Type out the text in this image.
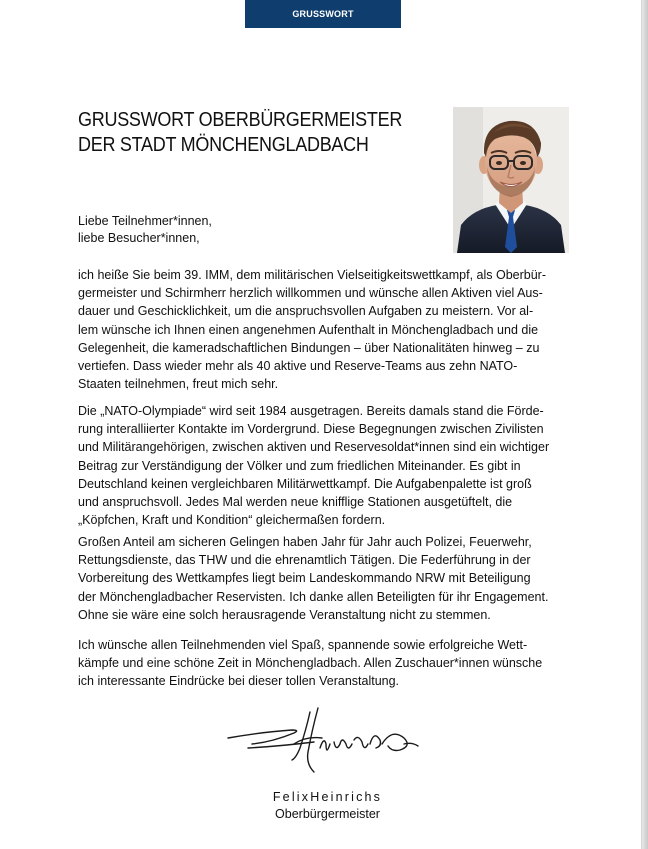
GRUSSWORT
GRUSSWORT OBERBÜRGERMEISTER
DER STADT MÖNCHENGLADBACH
Liebe Teilnehmer*innen,
liebe Besucher*innen,
ich heiße Sie beim 39. IMM, dem militärischen Vielseitigkeitswettkampf, als Oberbür-
germeister und Schirmherr herzlich willkommen und wünsche allen Aktiven viel Aus-
dauer und Geschicklichkeit, um die anspruchsvollen Aufgaben zu meistern. Vor al-
lem wünsche ich Ihnen einen angenehmen Aufenthalt in Mönchengladbach und die
Gelegenheit, die kameradschaftlichen Bindungen – über Nationalitäten hinweg – zu
vertiefen. Dass wieder mehr als 40 aktive und Reserve-Teams aus zehn NATO-
Staaten teilnehmen, freut mich sehr.
Die „NATO-Olympiade“ wird seit 1984 ausgetragen. Bereits damals stand die Förde-
rung interalliierter Kontakte im Vordergrund. Diese Begegnungen zwischen Zivilisten
und Militärangehörigen, zwischen aktiven und Reservesoldat*innen sind ein wichtiger
Beitrag zur Verständigung der Völker und zum friedlichen Miteinander. Es gibt in
Deutschland keinen vergleichbaren Militärwettkampf. Die Aufgabenpalette ist groß
und anspruchsvoll. Jedes Mal werden neue knifflige Stationen ausgetüftelt, die
„Köpfchen, Kraft und Kondition“ gleichermaßen fordern.
Großen Anteil am sicheren Gelingen haben Jahr für Jahr auch Polizei, Feuerwehr,
Rettungsdienste, das THW und die ehrenamtlich Tätigen. Die Federführung in der
Vorbereitung des Wettkampfes liegt beim Landeskommando NRW mit Beteiligung
der Mönchengladbacher Reservisten. Ich danke allen Beteiligten für ihr Engagement.
Ohne sie wäre eine solch herausragende Veranstaltung nicht zu stemmen.
Ich wünsche allen Teilnehmenden viel Spaß, spannende sowie erfolgreiche Wett-
kämpfe und eine schöne Zeit in Mönchengladbach. Allen Zuschauer*innen wünsche
ich interessante Eindrücke bei dieser tollen Veranstaltung.
FelixHeinrichs
Oberbürgermeister
